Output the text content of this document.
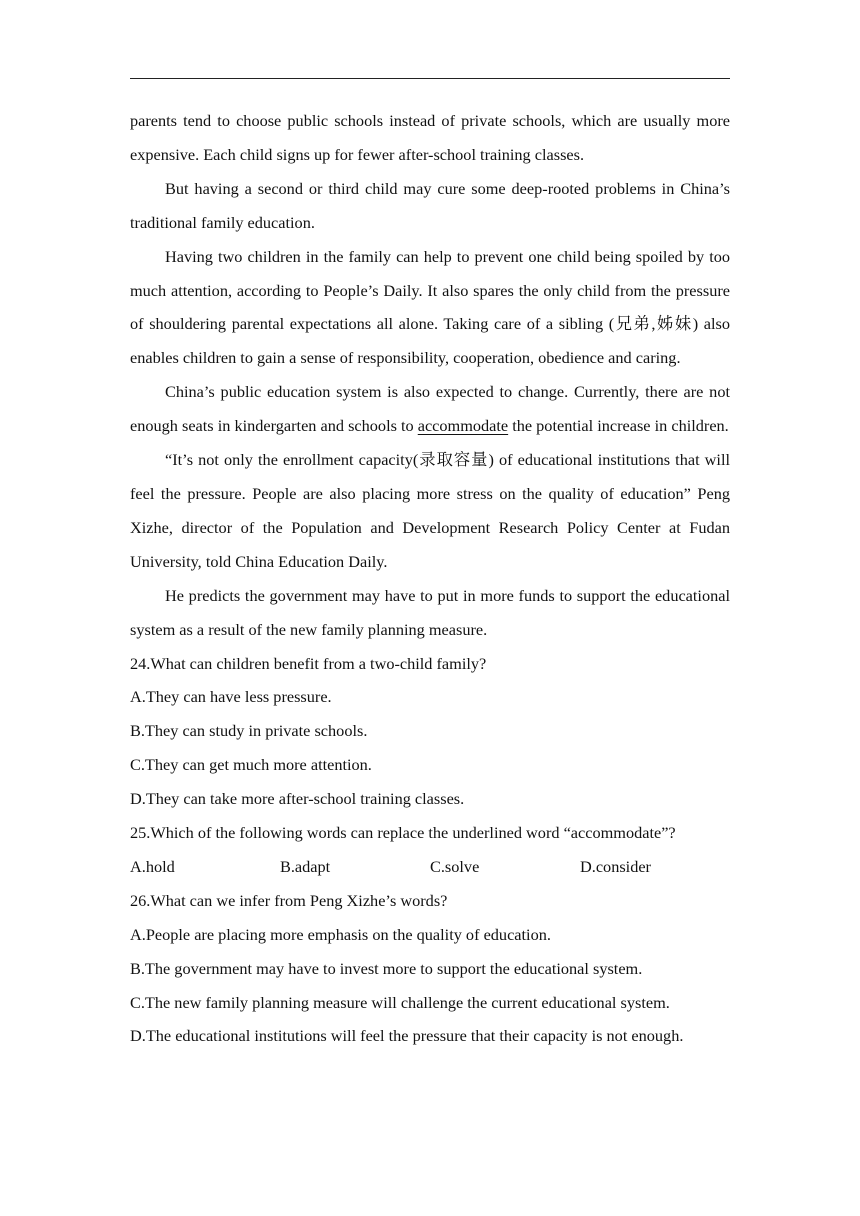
parents tend to choose public schools instead of private schools, which are usually more expensive. Each child signs up for fewer after-school training classes.

But having a second or third child may cure some deep-rooted problems in China’s traditional family education.

Having two children in the family can help to prevent one child being spoiled by too much attention, according to People’s Daily. It also spares the only child from the pressure of shouldering parental expectations all alone. Taking care of a sibling (兄弟,姊妹) also enables children to gain a sense of responsibility, cooperation, obedience and caring.

China’s public education system is also expected to change. Currently, there are not enough seats in kindergarten and schools to accommodate the potential increase in children.

“It’s not only the enrollment capacity(录取容量) of educational institutions that will feel the pressure. People are also placing more stress on the quality of education” Peng Xizhe, director of the Population and Development Research Policy Center at Fudan University, told China Education Daily.

He predicts the government may have to put in more funds to support the educational system as a result of the new family planning measure.

24.What can children benefit from a two-child family?

A.They can have less pressure.

B.They can study in private schools.

C.They can get much more attention.

D.They can take more after-school training classes.

25.Which of the following words can replace the underlined word “accommodate”?

A.hold	B.adapt	C.solve	D.consider

26.What can we infer from Peng Xizhe’s words?

A.People are placing more emphasis on the quality of education.

B.The government may have to invest more to support the educational system.

C.The new family planning measure will challenge the current educational system.

D.The educational institutions will feel the pressure that their capacity is not enough.
